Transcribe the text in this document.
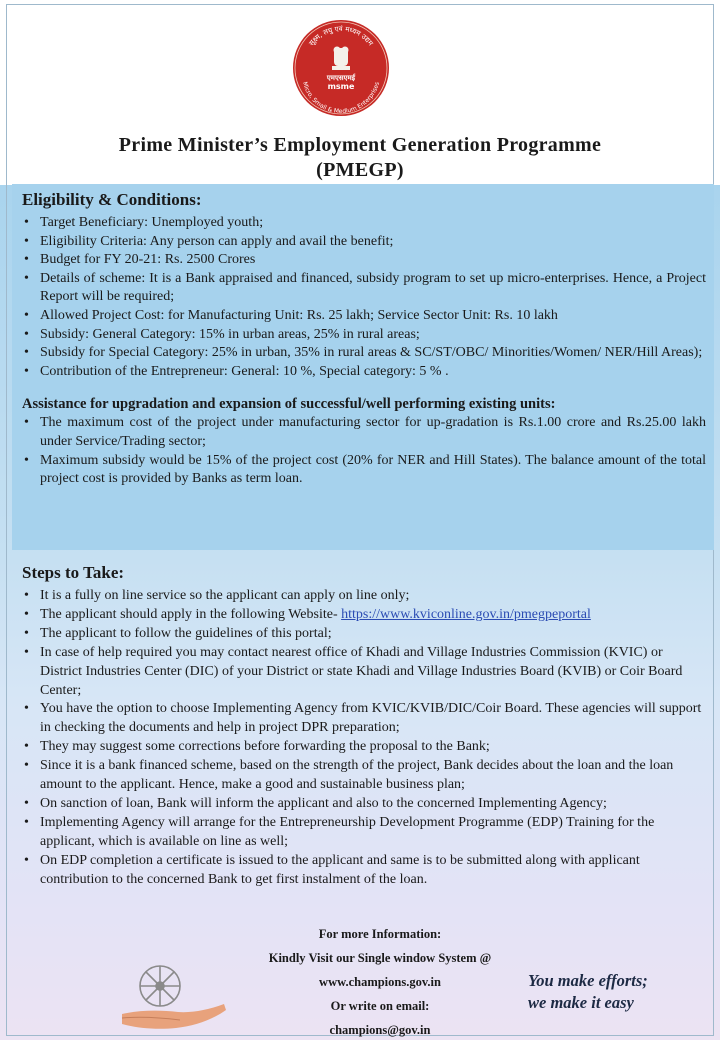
सूक्ष्म, लघु एवं मध्यम उद्यम
Micro, Small & Medium Enterprises
एमएसएमई
msme
Prime Minister’s Employment Generation Programme
(PMEGP)
Eligibility & Conditions:
• Target Beneficiary: Unemployed youth;
• Eligibility Criteria: Any person can apply and avail the benefit;
• Budget for FY 20-21: Rs. 2500 Crores
• Details of scheme: It is a Bank appraised and financed, subsidy program to set up micro-enterprises. Hence, a Project Report will be required;
• Allowed Project Cost: for Manufacturing Unit: Rs. 25 lakh; Service Sector Unit: Rs. 10 lakh
• Subsidy: General Category: 15% in urban areas, 25% in rural areas;
• Subsidy for Special Category: 25% in urban, 35% in rural areas & SC/ST/OBC/ Minorities/Women/ NER/Hill Areas);
• Contribution of the Entrepreneur: General: 10 %, Special category: 5 % .
Assistance for upgradation and expansion of successful/well performing existing units:
• The maximum cost of the project under manufacturing sector for up-gradation is Rs.1.00 crore and Rs.25.00 lakh under Service/Trading sector;
• Maximum subsidy would be 15% of the project cost (20% for NER and Hill States). The balance amount of the total project cost is provided by Banks as term loan.
Steps to Take:
• It is a fully on line service so the applicant can apply on line only;
• The applicant should apply in the following Website- https://www.kviconline.gov.in/pmegpeportal
• The applicant to follow the guidelines of this portal;
• In case of help required you may contact nearest office of Khadi and Village Industries Commission (KVIC) or District Industries Center (DIC) of your District or state Khadi and Village Industries Board (KVIB) or Coir Board Center;
• You have the option to choose Implementing Agency from KVIC/KVIB/DIC/Coir Board. These agencies will support in checking the documents and help in project DPR preparation;
• They may suggest some corrections before forwarding the proposal to the Bank;
• Since it is a bank financed scheme, based on the strength of the project, Bank decides about the loan and the loan amount to the applicant. Hence, make a good and sustainable business plan;
• On sanction of loan, Bank will inform the applicant and also to the concerned Implementing Agency;
• Implementing Agency will arrange for the Entrepreneurship Development Programme (EDP) Training for the applicant, which is available on line as well;
• On EDP completion a certificate is issued to the applicant and same is to be submitted along with applicant contribution to the concerned Bank to get first instalment of the loan.
For more Information:
Kindly Visit our Single window System @
www.champions.gov.in
Or write on email:
champions@gov.in
You make efforts;
we make it easy
